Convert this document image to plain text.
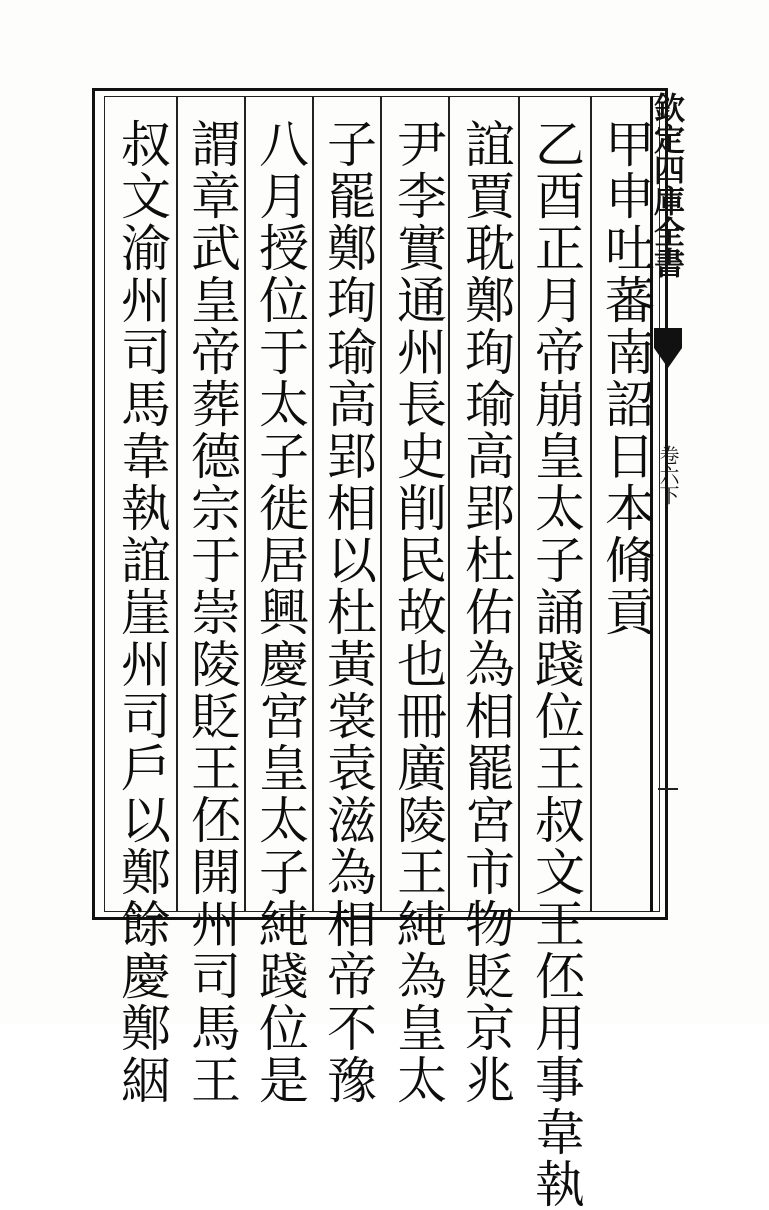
欽定四庫全書
卷六下
甲申吐蕃南詔日本脩貢
乙酉正月帝崩皇太子誦踐位王叔文王伾用事韋執
誼賈耽鄭珣瑜高郢杜佑為相罷宮市物貶京兆
尹李實通州長史削民故也冊廣陵王純為皇太
子罷鄭珣瑜高郢相以杜黃裳袁滋為相帝不豫
八月授位于太子徙居興慶宮皇太子純踐位是
謂章武皇帝葬德宗于崇陵貶王伾開州司馬王
叔文渝州司馬韋執誼崖州司戶以鄭餘慶鄭絪
